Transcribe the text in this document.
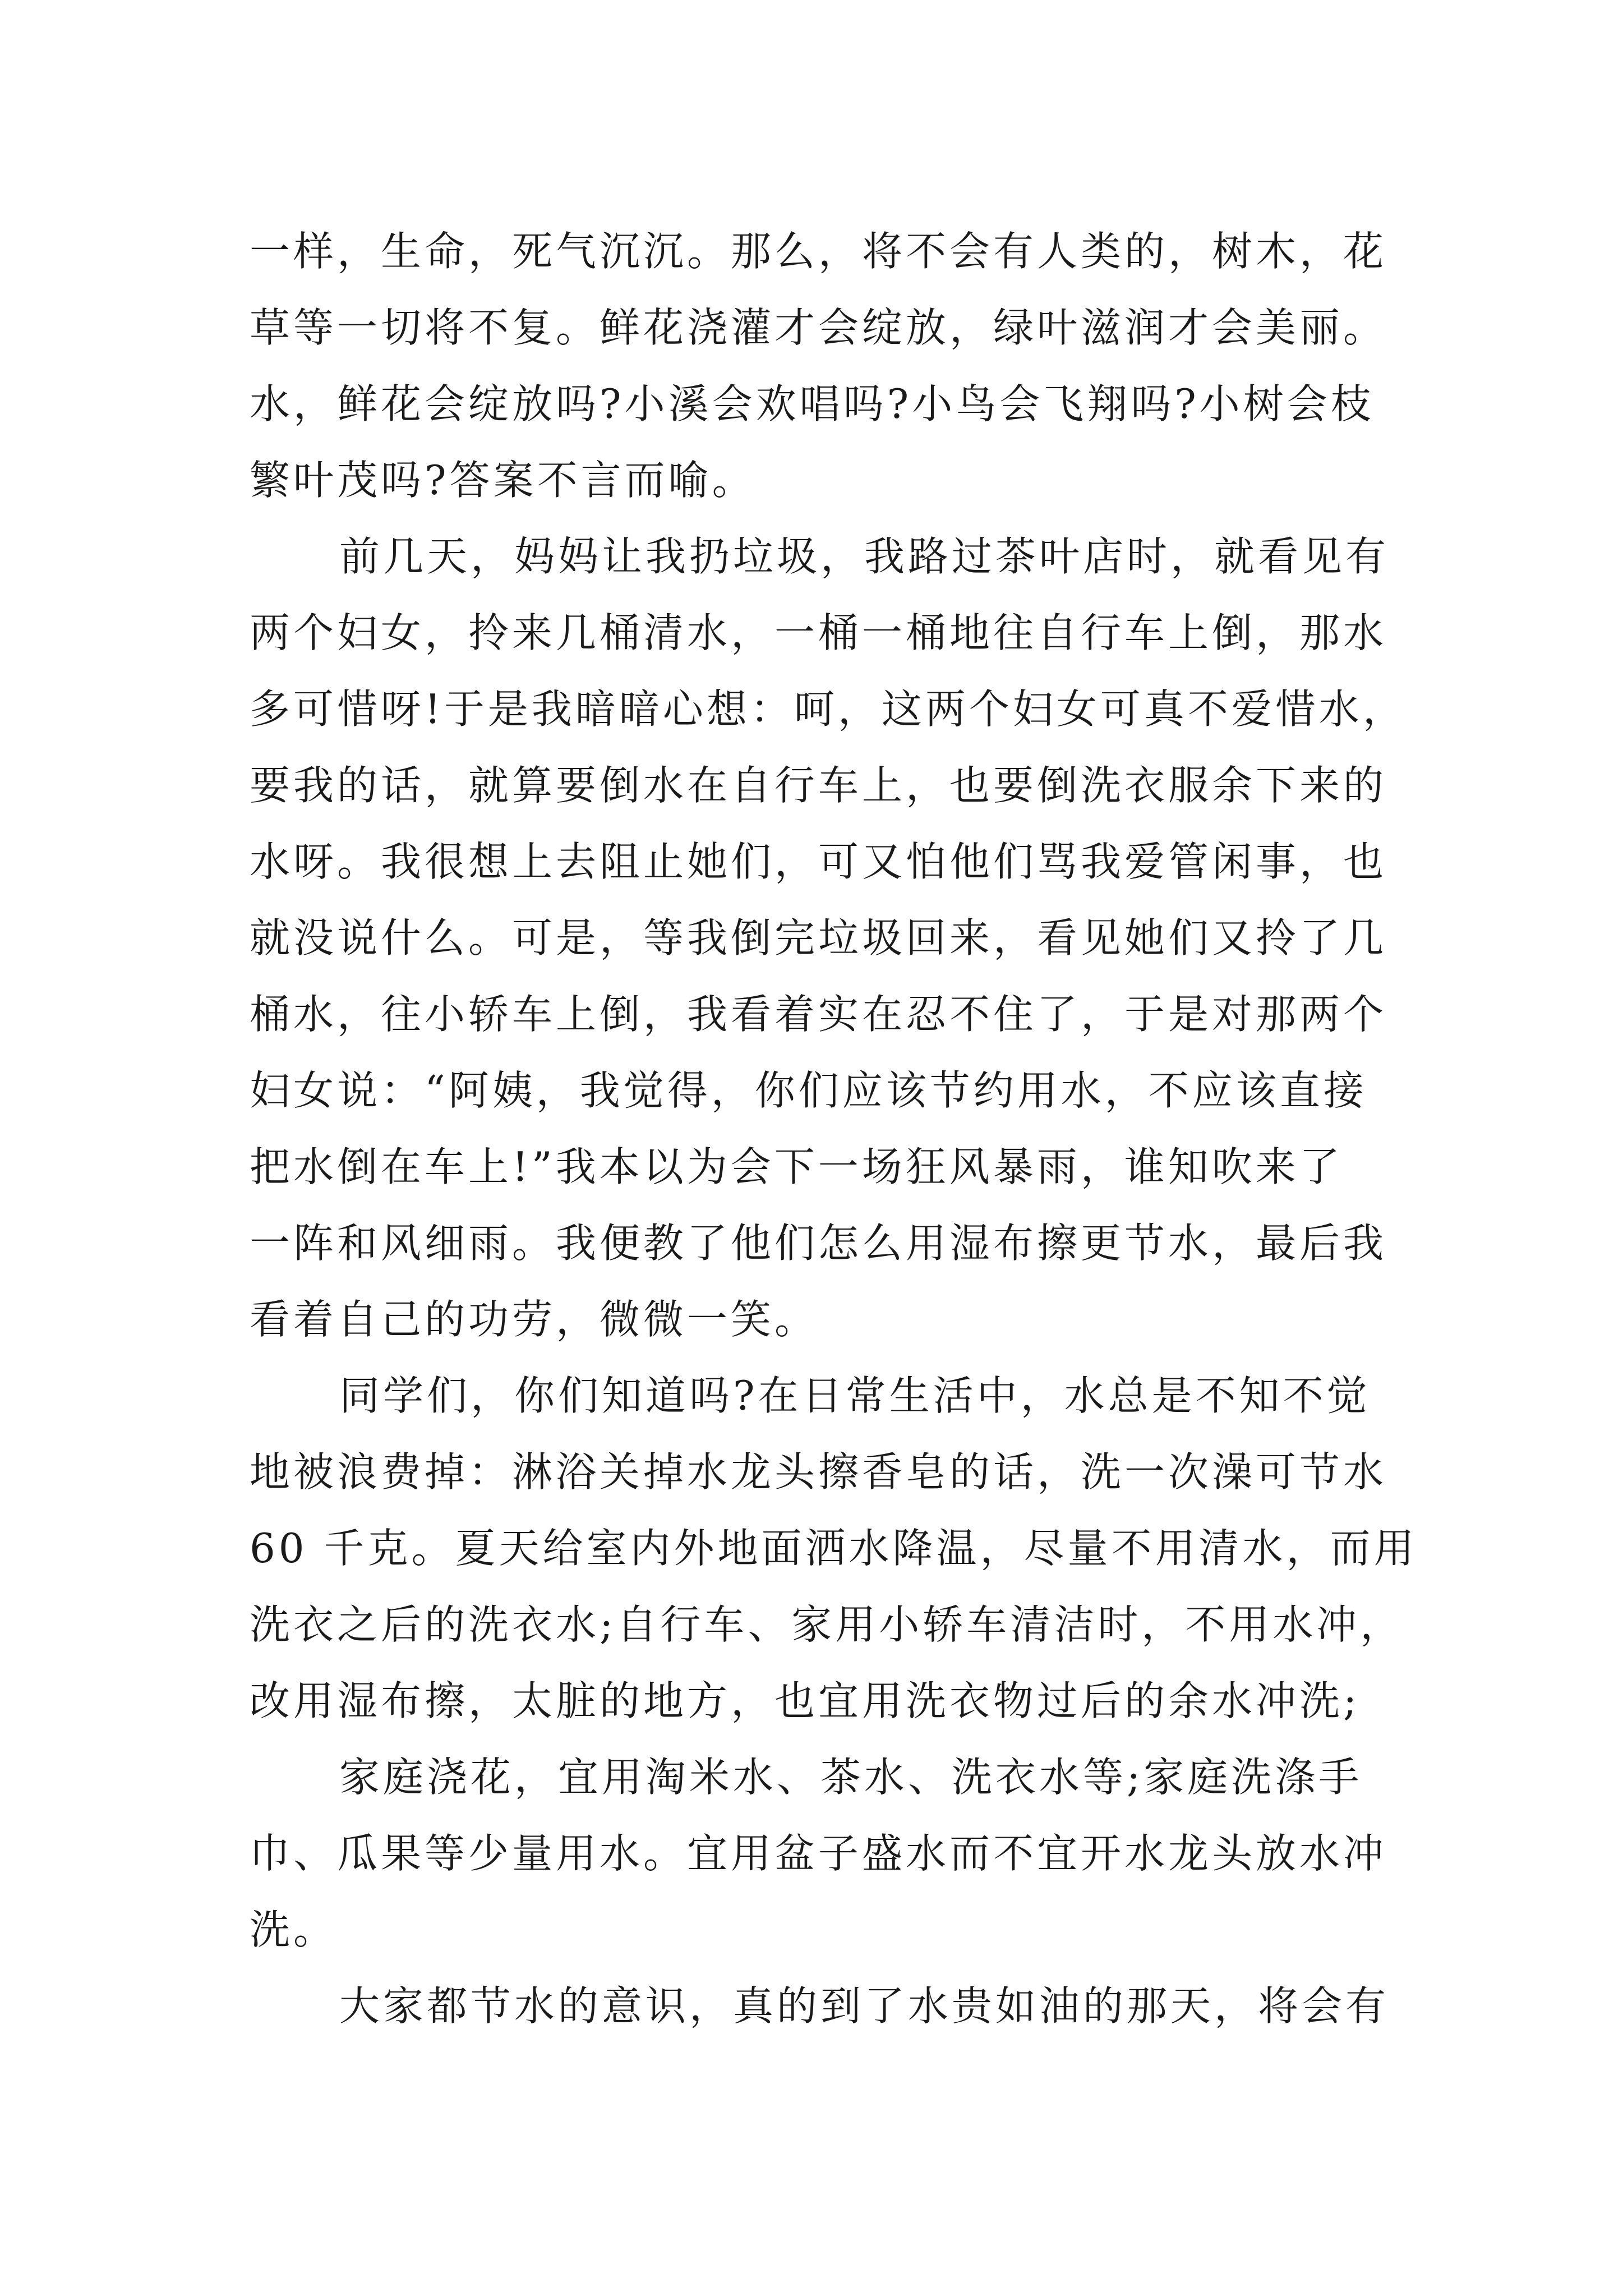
一样，生命，死气沉沉。那么，将不会有人类的，树木，花
草等一切将不复。鲜花浇灌才会绽放，绿叶滋润才会美丽。
水，鲜花会绽放吗?小溪会欢唱吗?小鸟会飞翔吗?小树会枝
繁叶茂吗?答案不言而喻。
前几天，妈妈让我扔垃圾，我路过茶叶店时，就看见有
两个妇女，拎来几桶清水，一桶一桶地往自行车上倒，那水
多可惜呀!于是我暗暗心想：呵，这两个妇女可真不爱惜水，
要我的话，就算要倒水在自行车上，也要倒洗衣服余下来的
水呀。我很想上去阻止她们，可又怕他们骂我爱管闲事，也
就没说什么。可是，等我倒完垃圾回来，看见她们又拎了几
桶水，往小轿车上倒，我看着实在忍不住了，于是对那两个
妇女说：“阿姨，我觉得，你们应该节约用水，不应该直接
把水倒在车上!”我本以为会下一场狂风暴雨，谁知吹来了
一阵和风细雨。我便教了他们怎么用湿布擦更节水，最后我
看着自己的功劳，微微一笑。
同学们，你们知道吗?在日常生活中，水总是不知不觉
地被浪费掉：淋浴关掉水龙头擦香皂的话，洗一次澡可节水
60 千克。夏天给室内外地面洒水降温，尽量不用清水，而用
洗衣之后的洗衣水;自行车、家用小轿车清洁时，不用水冲，
改用湿布擦，太脏的地方，也宜用洗衣物过后的余水冲洗;
家庭浇花，宜用淘米水、茶水、洗衣水等;家庭洗涤手
巾、瓜果等少量用水。宜用盆子盛水而不宜开水龙头放水冲
洗。
大家都节水的意识，真的到了水贵如油的那天，将会有
